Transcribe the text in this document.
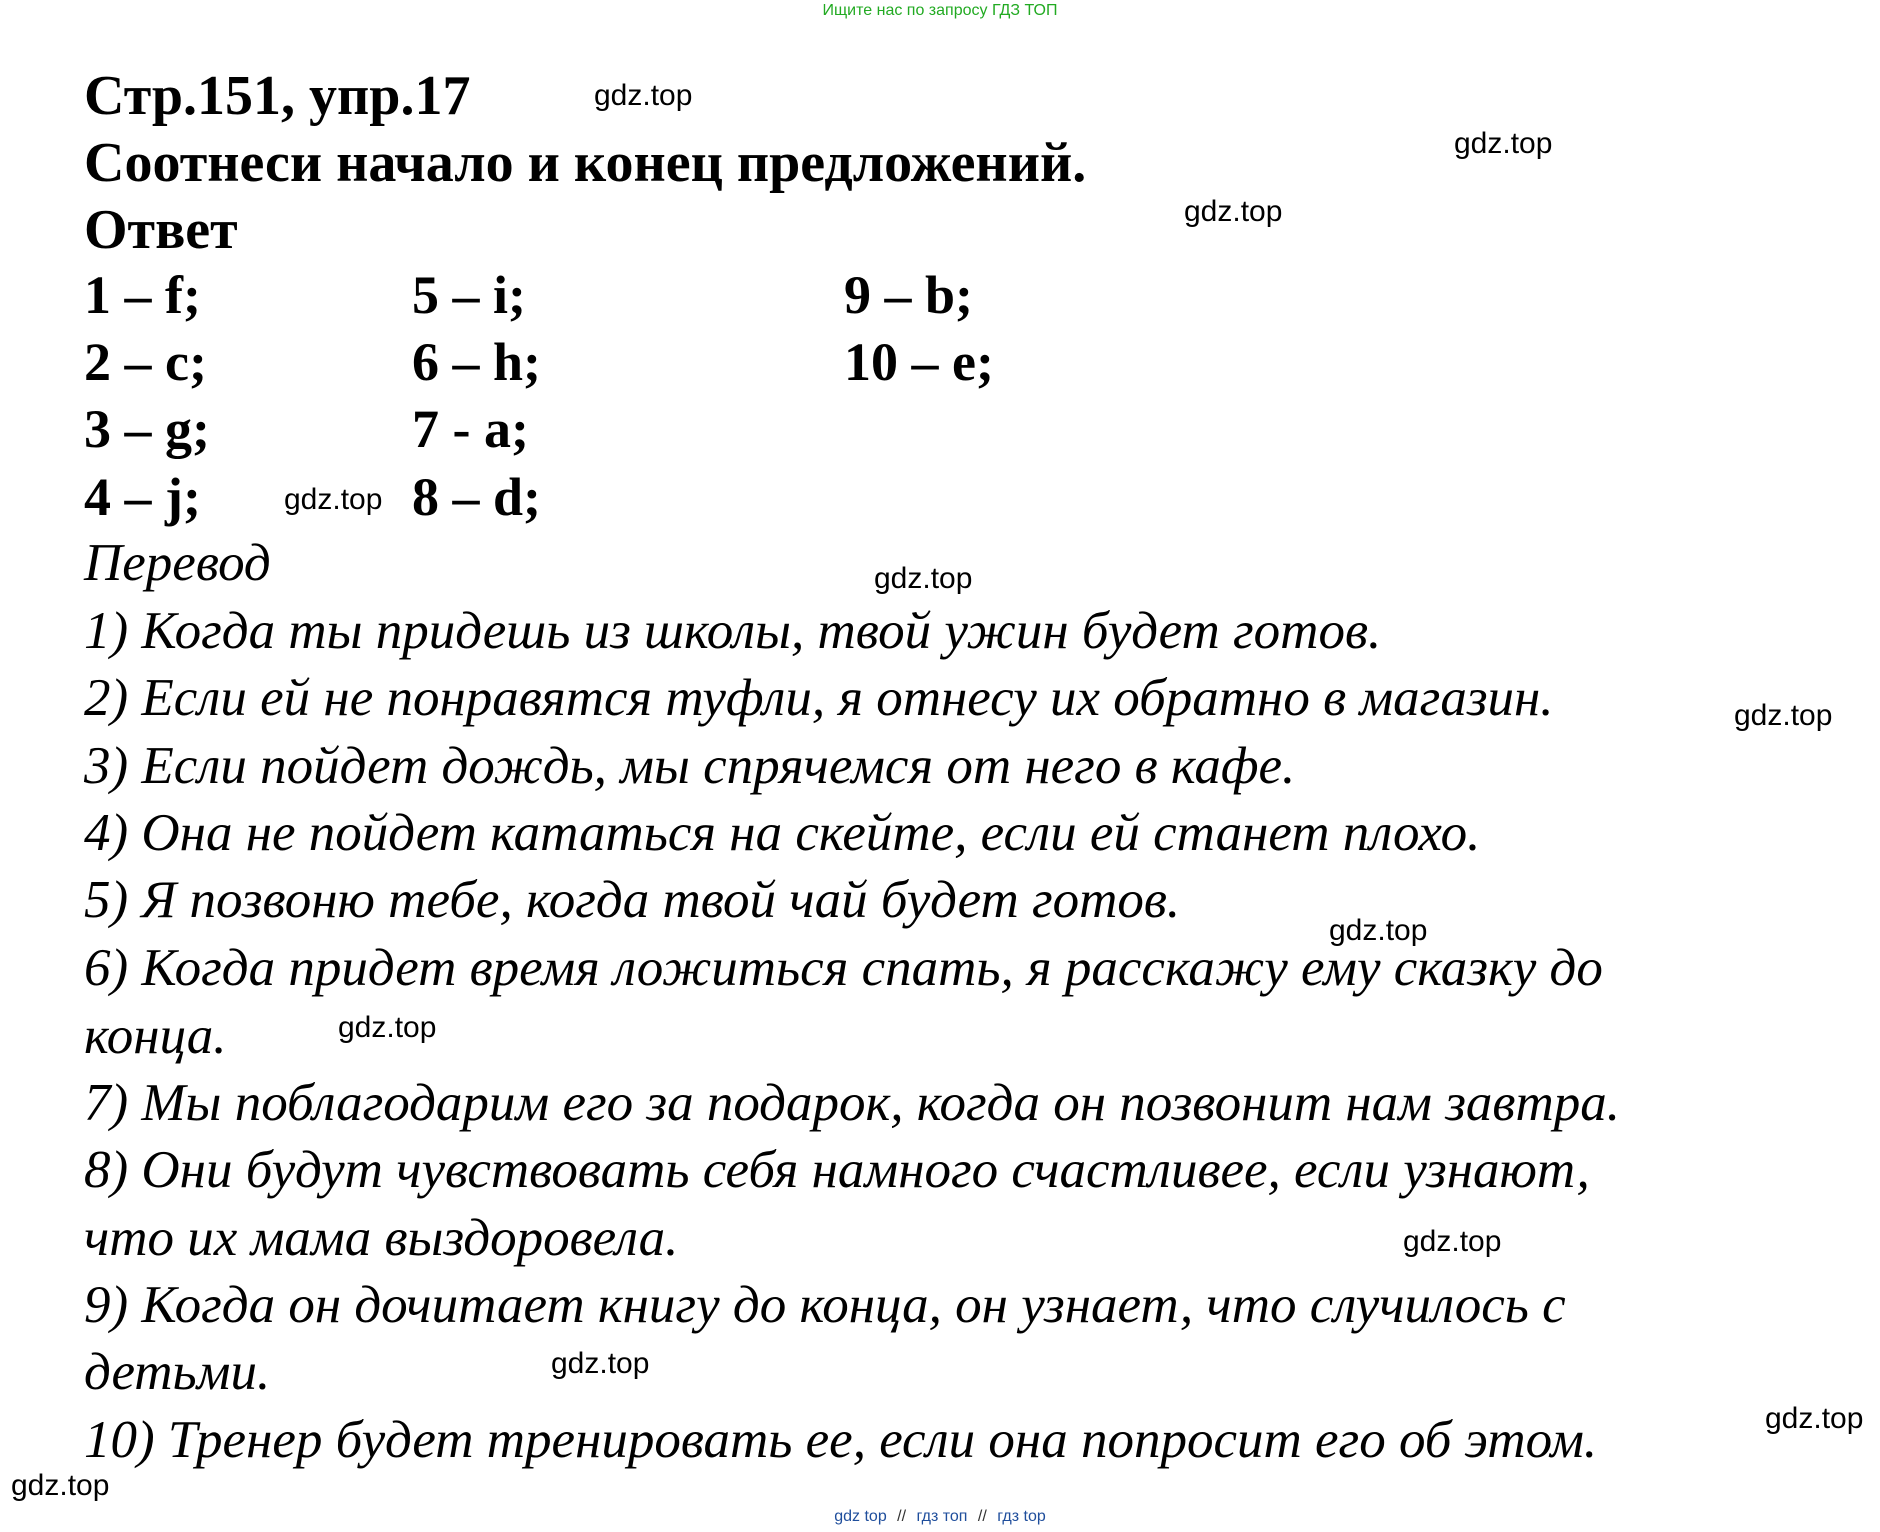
Ищите нас по запросу ГДЗ ТОП
Стр.151, упр.17
Соотнеси начало и конец предложений.
Ответ
1 – f;
2 – c;
3 – g;
4 – j;
5 – i;
6 – h;
7 - a;
8 – d;
9 – b;
10 – e;
Перевод
1) Когда ты придешь из школы, твой ужин будет готов.
2) Если ей не понравятся туфли, я отнесу их обратно в магазин.
3) Если пойдет дождь, мы спрячемся от него в кафе.
4) Она не пойдет кататься на скейте, если ей станет плохо.
5) Я позвоню тебе, когда твой чай будет готов.
6) Когда придет время ложиться спать, я расскажу ему сказку до
конца.
7) Мы поблагодарим его за подарок, когда он позвонит нам завтра.
8) Они будут чувствовать себя намного счастливее, если узнают,
что их мама выздоровела.
9) Когда он дочитает книгу до конца, он узнает, что случилось с
детьми.
10) Тренер будет тренировать ее, если она попросит его об этом.
gdz.top
gdz.top
gdz.top
gdz.top
gdz.top
gdz.top
gdz.top
gdz.top
gdz.top
gdz.top
gdz.top
gdz.top
gdz top // гдз топ // гдз top
